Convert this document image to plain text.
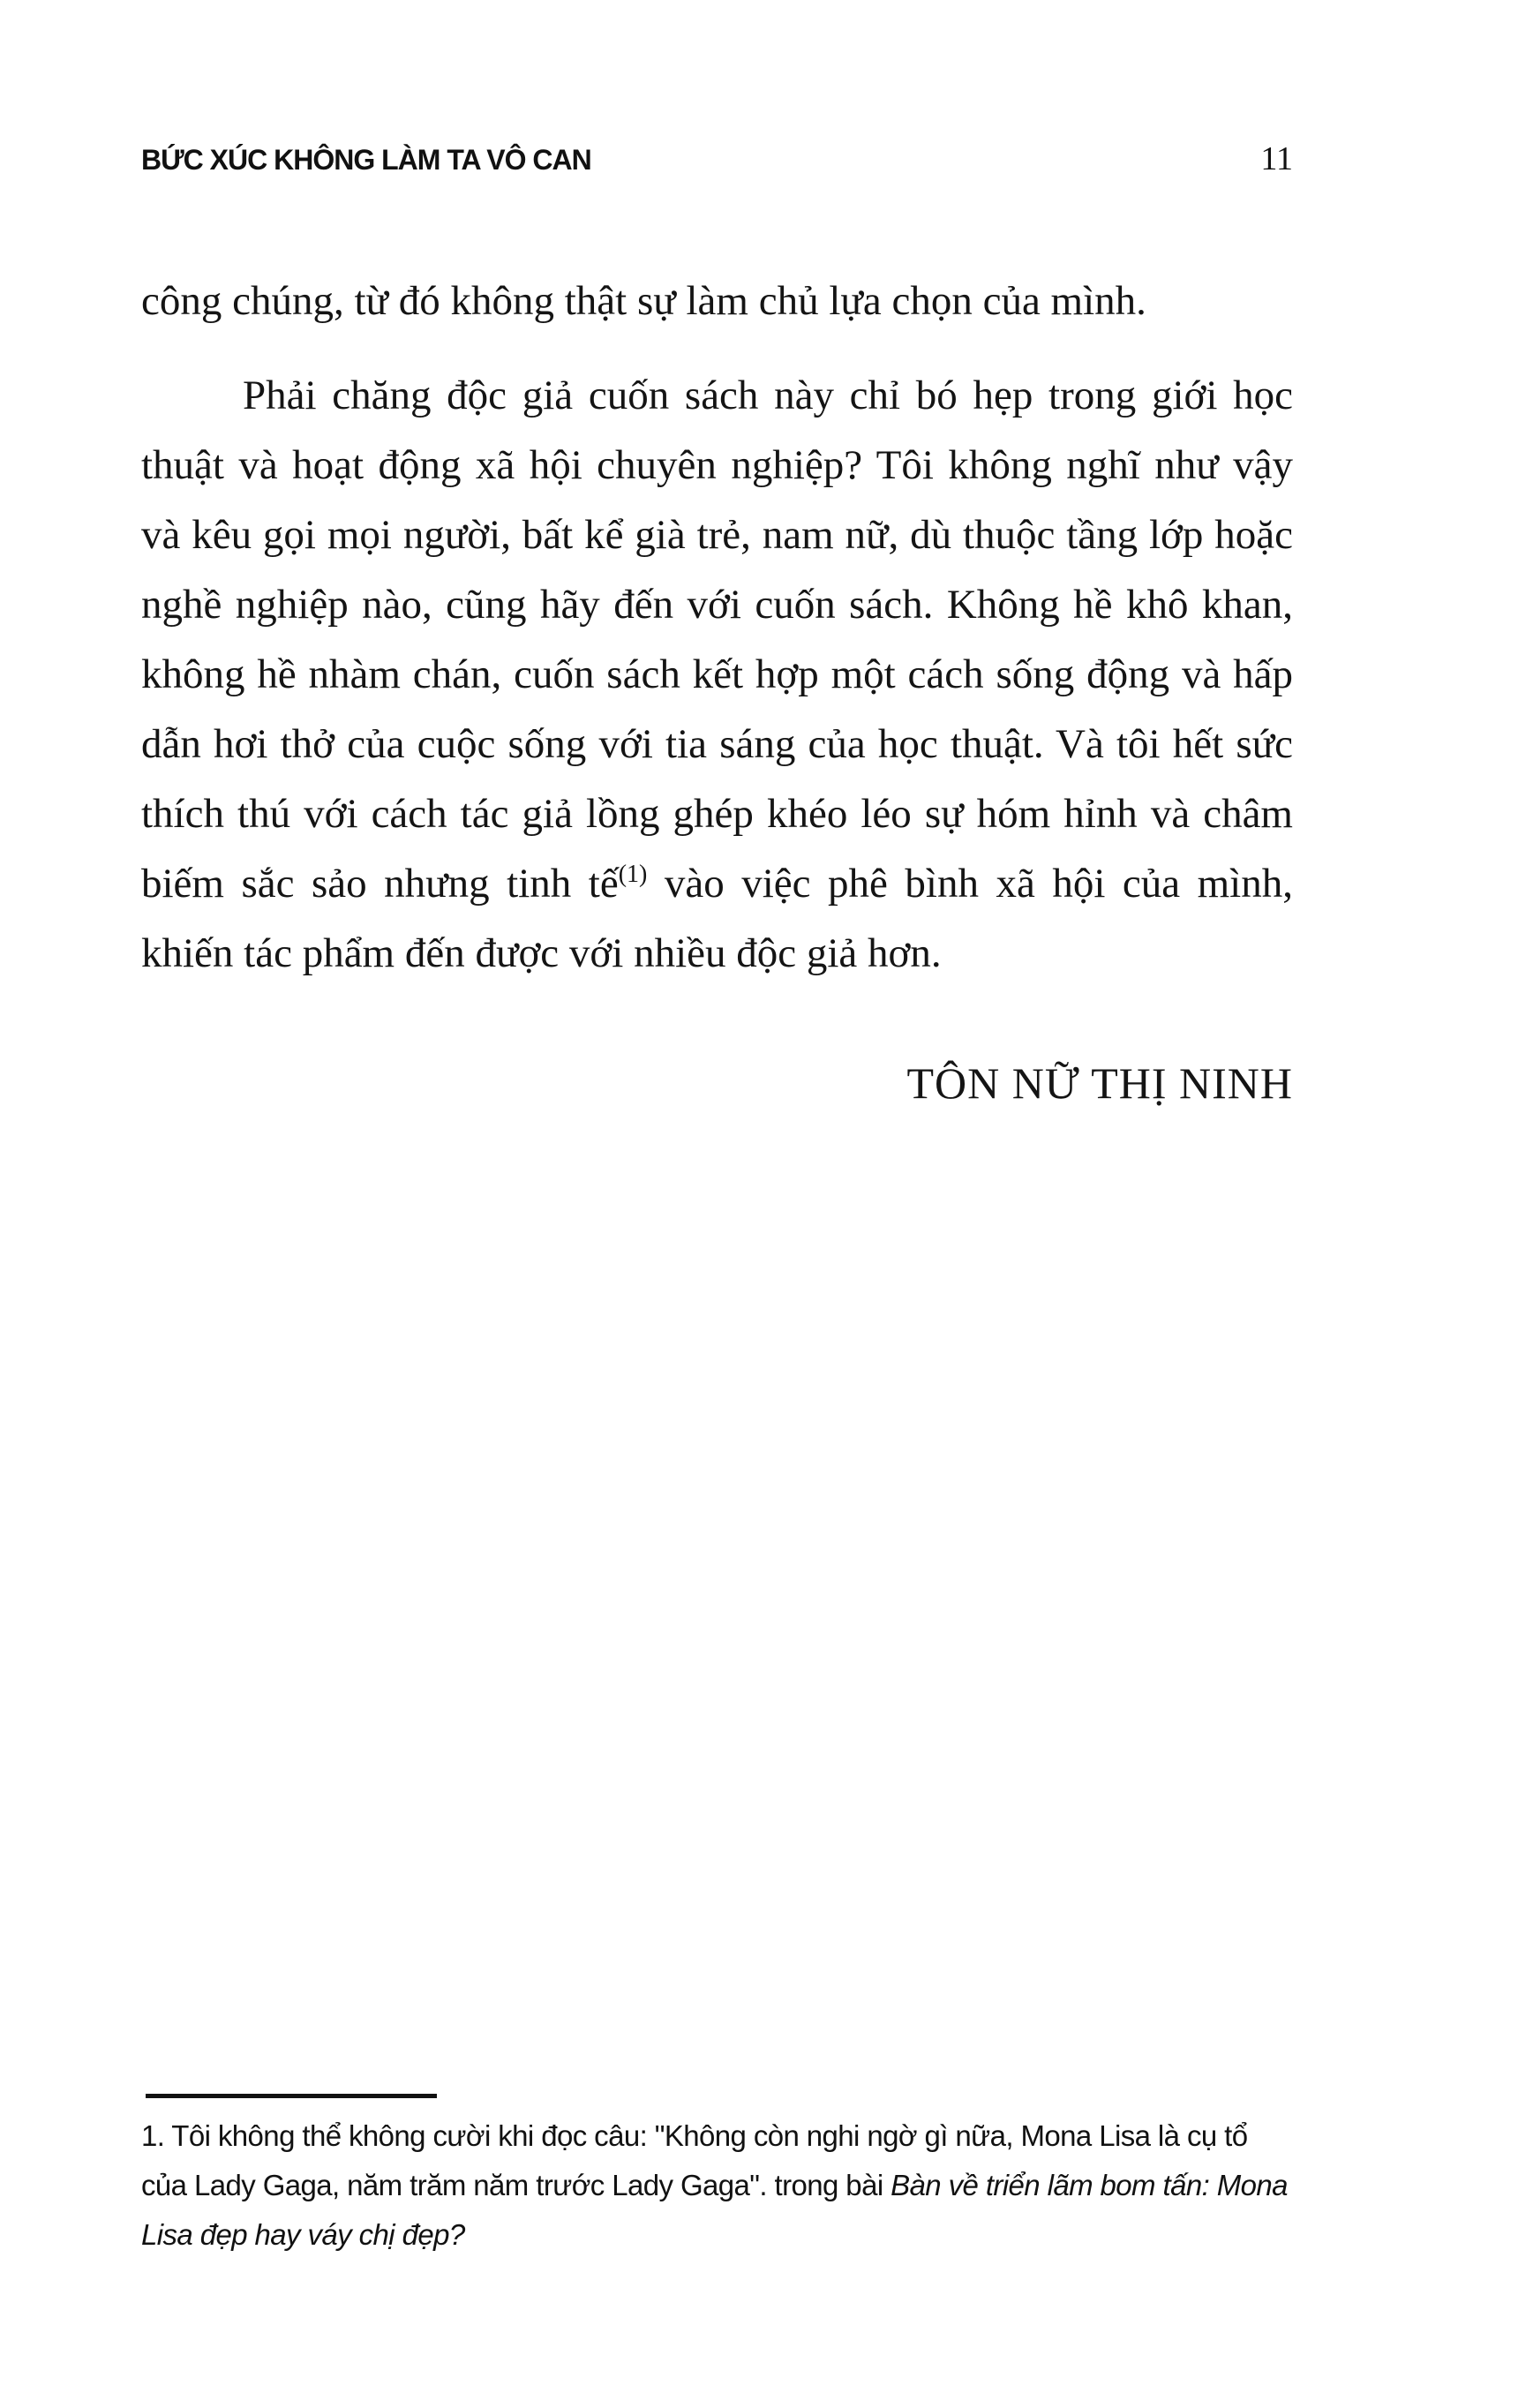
BỨC XÚC KHÔNG LÀM TA VÔ CAN	11

công chúng, từ đó không thật sự làm chủ lựa chọn của mình.

Phải chăng độc giả cuốn sách này chỉ bó hẹp trong giới học thuật và hoạt động xã hội chuyên nghiệp? Tôi không nghĩ như vậy và kêu gọi mọi người, bất kể già trẻ, nam nữ, dù thuộc tầng lớp hoặc nghề nghiệp nào, cũng hãy đến với cuốn sách. Không hề khô khan, không hề nhàm chán, cuốn sách kết hợp một cách sống động và hấp dẫn hơi thở của cuộc sống với tia sáng của học thuật. Và tôi hết sức thích thú với cách tác giả lồng ghép khéo léo sự hóm hỉnh và châm biếm sắc sảo nhưng tinh tế$^{(1)}$ vào việc phê bình xã hội của mình, khiến tác phẩm đến được với nhiều độc giả hơn.

TÔN NỮ THỊ NINH
1. Tôi không thể không cười khi đọc câu: "Không còn nghi ngờ gì nữa, Mona Lisa là cụ tổ của Lady Gaga, năm trăm năm trước Lady Gaga". trong bài Bàn về triển lãm bom tấn: Mona Lisa đẹp hay váy chị đẹp?
